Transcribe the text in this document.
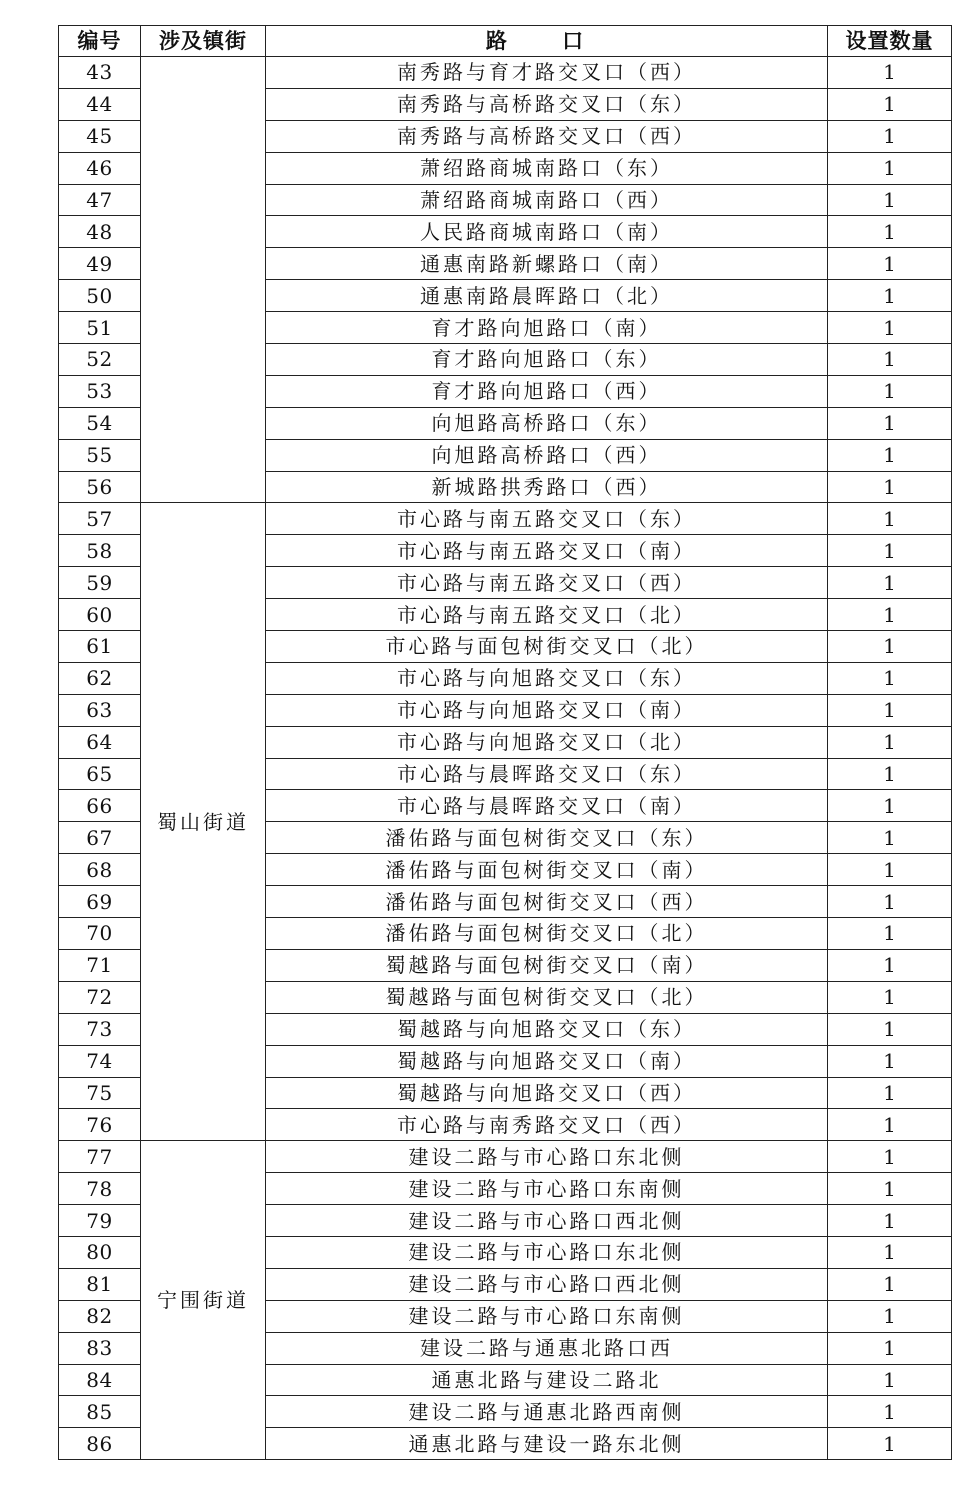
编号	涉及镇街	路 口	设置数量
43		南秀路与育才路交叉口（西）	1
44		南秀路与高桥路交叉口（东）	1
45		南秀路与高桥路交叉口（西）	1
46		萧绍路商城南路口（东）	1
47		萧绍路商城南路口（西）	1
48		人民路商城南路口（南）	1
49		通惠南路新螺路口（南）	1
50		通惠南路晨晖路口（北）	1
51		育才路向旭路口（南）	1
52		育才路向旭路口（东）	1
53		育才路向旭路口（西）	1
54		向旭路高桥路口（东）	1
55		向旭路高桥路口（西）	1
56		新城路拱秀路口（西）	1
57	蜀山街道	市心路与南五路交叉口（东）	1
58		市心路与南五路交叉口（南）	1
59		市心路与南五路交叉口（西）	1
60		市心路与南五路交叉口（北）	1
61		市心路与面包树街交叉口（北）	1
62		市心路与向旭路交叉口（东）	1
63		市心路与向旭路交叉口（南）	1
64		市心路与向旭路交叉口（北）	1
65		市心路与晨晖路交叉口（东）	1
66		市心路与晨晖路交叉口（南）	1
67		潘佑路与面包树街交叉口（东）	1
68		潘佑路与面包树街交叉口（南）	1
69		潘佑路与面包树街交叉口（西）	1
70		潘佑路与面包树街交叉口（北）	1
71		蜀越路与面包树街交叉口（南）	1
72		蜀越路与面包树街交叉口（北）	1
73		蜀越路与向旭路交叉口（东）	1
74		蜀越路与向旭路交叉口（南）	1
75		蜀越路与向旭路交叉口（西）	1
76		市心路与南秀路交叉口（西）	1
77	宁围街道	建设二路与市心路口东北侧	1
78		建设二路与市心路口东南侧	1
79		建设二路与市心路口西北侧	1
80		建设二路与市心路口东北侧	1
81		建设二路与市心路口西北侧	1
82		建设二路与市心路口东南侧	1
83		建设二路与通惠北路口西	1
84		通惠北路与建设二路北	1
85		建设二路与通惠北路西南侧	1
86		通惠北路与建设一路东北侧	1
